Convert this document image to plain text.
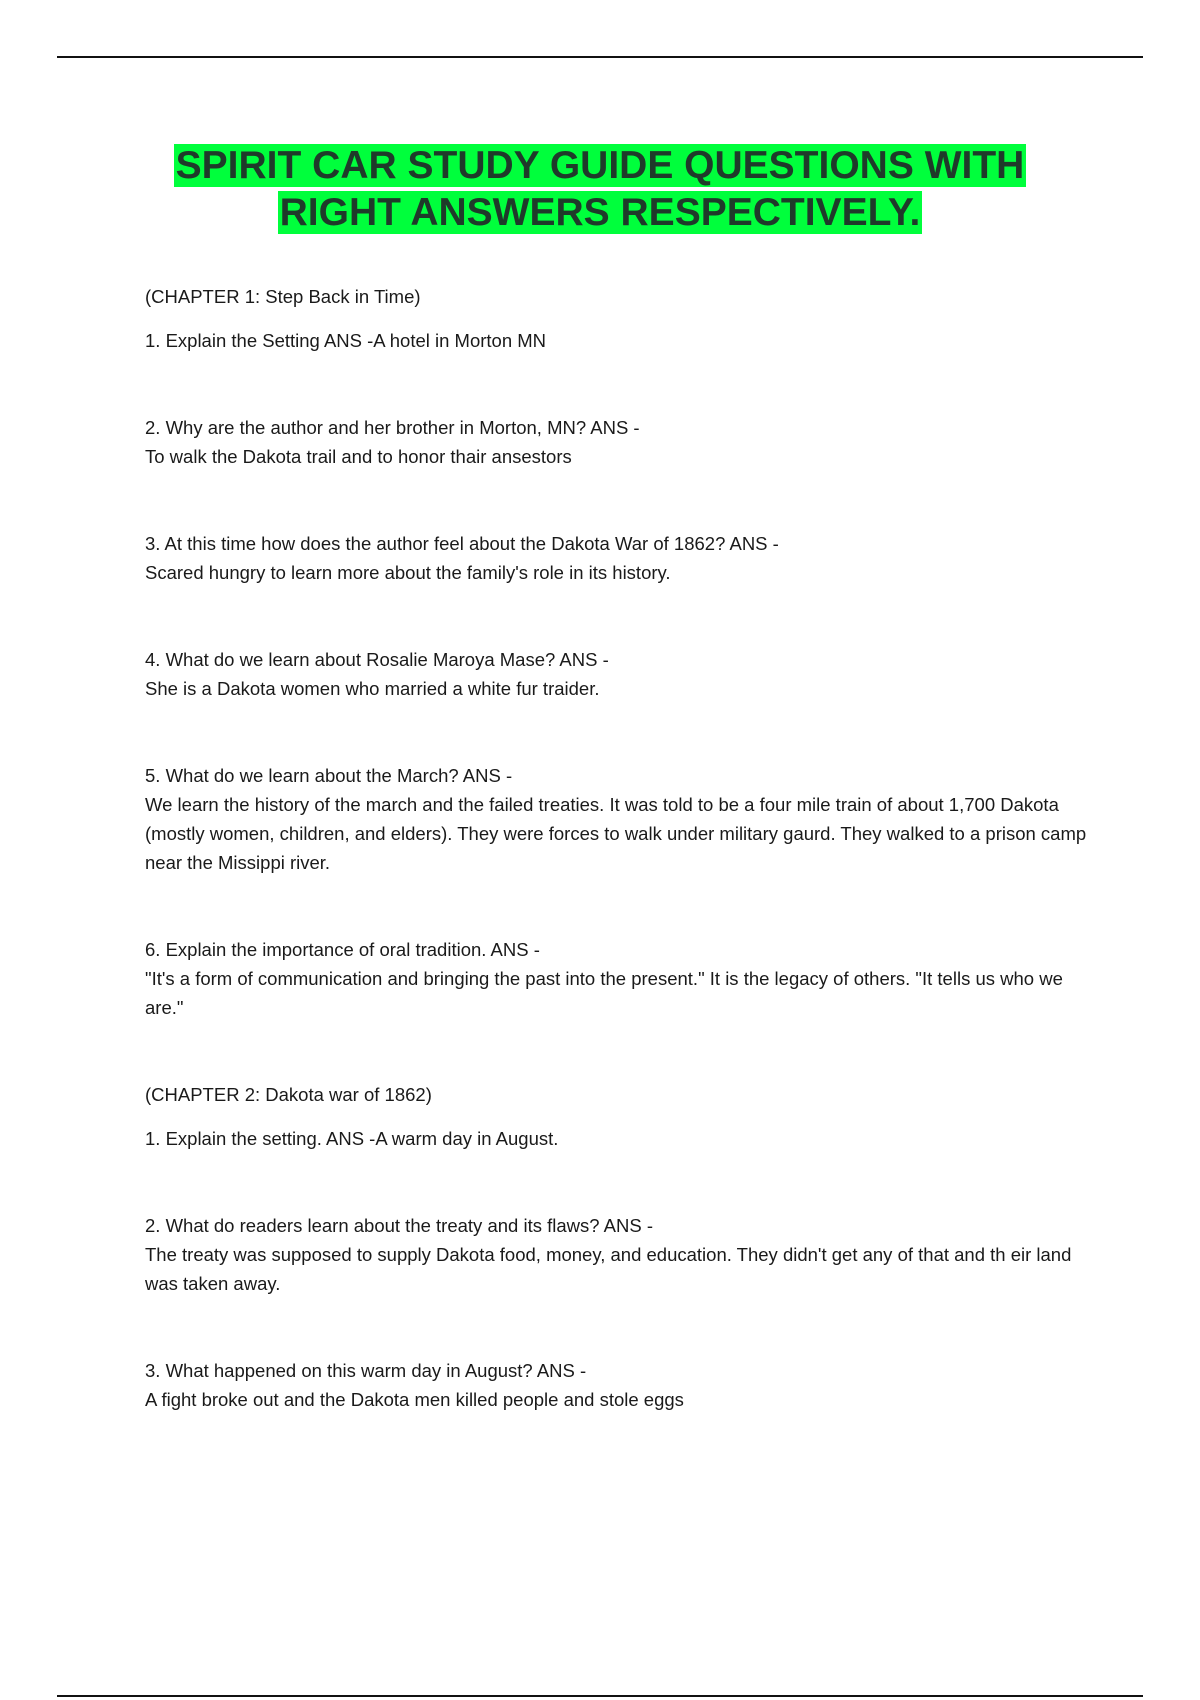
SPIRIT CAR STUDY GUIDE QUESTIONS WITH
RIGHT ANSWERS RESPECTIVELY.

(CHAPTER 1: Step Back in Time)

1. Explain the Setting ANS -A hotel in Morton MN

2. Why are the author and her brother in Morton, MN? ANS -

To walk the Dakota trail and to honor thair ansestors

3. At this time how does the author feel about the Dakota War of 1862? ANS -

Scared hungry to learn more about the family's role in its history.

4. What do we learn about Rosalie Maroya Mase? ANS -

She is a Dakota women who married a white fur traider.

5. What do we learn about the March? ANS -

We learn the history of the march and the failed treaties. It was told to be a four mile train of about 1,700 Dakota (mostly women, children, and elders). They were forces to walk under military gaurd. They walked to a prison camp near the Missippi river.

6. Explain the importance of oral tradition. ANS -

"It's a form of communication and bringing the past into the present." It is the legacy of others. "It tells us who we are."

(CHAPTER 2: Dakota war of 1862)

1. Explain the setting. ANS -A warm day in August.

2. What do readers learn about the treaty and its flaws? ANS -

The treaty was supposed to supply Dakota food, money, and education. They didn't get any of that and th eir land was taken away.

3. What happened on this warm day in August? ANS -

A fight broke out and the Dakota men killed people and stole eggs
